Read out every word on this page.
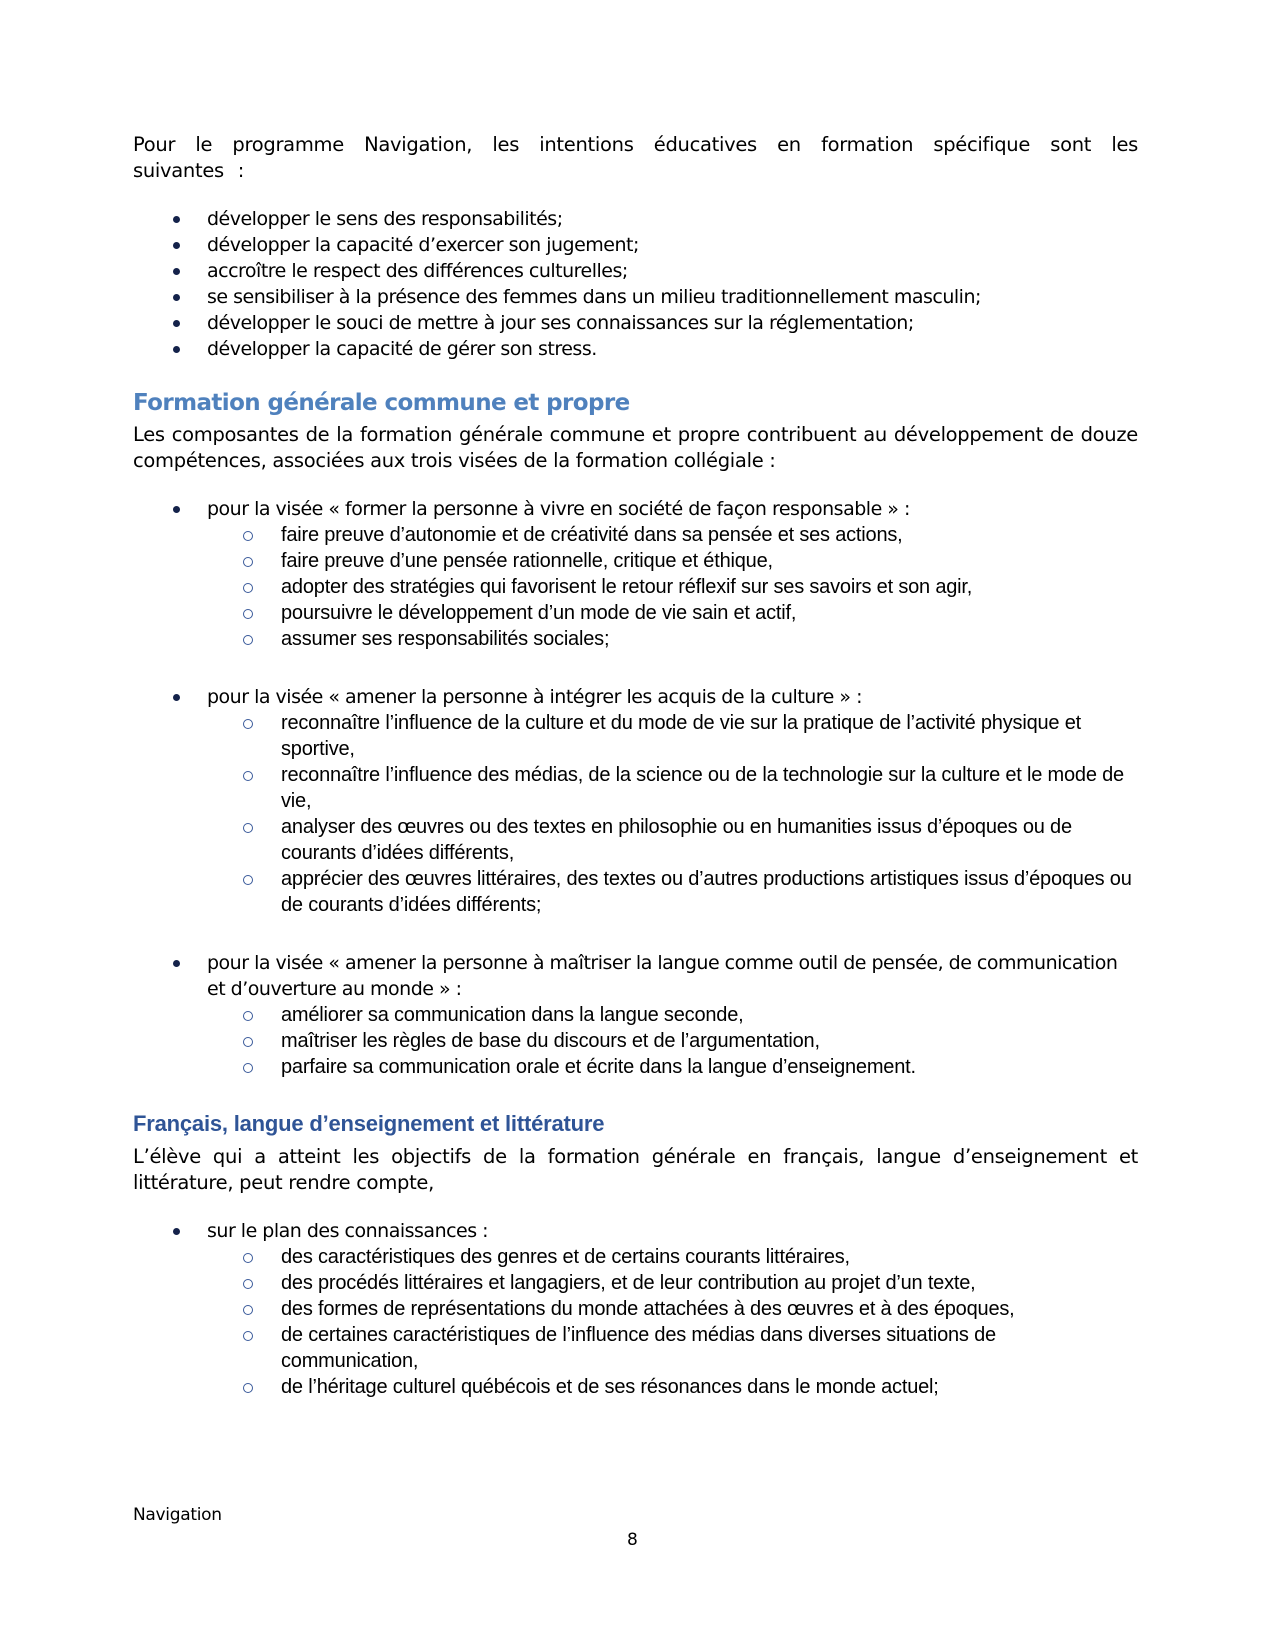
Pour le programme Navigation, les intentions éducatives en formation spécifique sont les suivantes :

développer le sens des responsabilités;
développer la capacité d’exercer son jugement;
accroître le respect des différences culturelles;
se sensibiliser à la présence des femmes dans un milieu traditionnellement masculin;
développer le souci de mettre à jour ses connaissances sur la réglementation;
développer la capacité de gérer son stress.
Formation générale commune et propre

Les composantes de la formation générale commune et propre contribuent au développement de douze compétences, associées aux trois visées de la formation collégiale :

pour la visée « former la personne à vivre en société de façon responsable » :
faire preuve d’autonomie et de créativité dans sa pensée et ses actions,
faire preuve d’une pensée rationnelle, critique et éthique,
adopter des stratégies qui favorisent le retour réflexif sur ses savoirs et son agir,
poursuivre le développement d’un mode de vie sain et actif,
assumer ses responsabilités sociales;
pour la visée « amener la personne à intégrer les acquis de la culture » :
reconnaître l’influence de la culture et du mode de vie sur la pratique de l’activité physique et sportive,
reconnaître l’influence des médias, de la science ou de la technologie sur la culture et le mode de vie,
analyser des œuvres ou des textes en philosophie ou en humanities issus d’époques ou de courants d’idées différents,
apprécier des œuvres littéraires, des textes ou d’autres productions artistiques issus d’époques ou de courants d’idées différents;
pour la visée « amener la personne à maîtriser la langue comme outil de pensée, de communication et d’ouverture au monde » :
améliorer sa communication dans la langue seconde,
maîtriser les règles de base du discours et de l’argumentation,
parfaire sa communication orale et écrite dans la langue d’enseignement.
Français, langue d’enseignement et littérature

L’élève qui a atteint les objectifs de la formation générale en français, langue d’enseignement et littérature, peut rendre compte,

sur le plan des connaissances :
des caractéristiques des genres et de certains courants littéraires,
des procédés littéraires et langagiers, et de leur contribution au projet d’un texte,
des formes de représentations du monde attachées à des œuvres et à des époques,
de certaines caractéristiques de l’influence des médias dans diverses situations de communication,
de l’héritage culturel québécois et de ses résonances dans le monde actuel;
Navigation
8
